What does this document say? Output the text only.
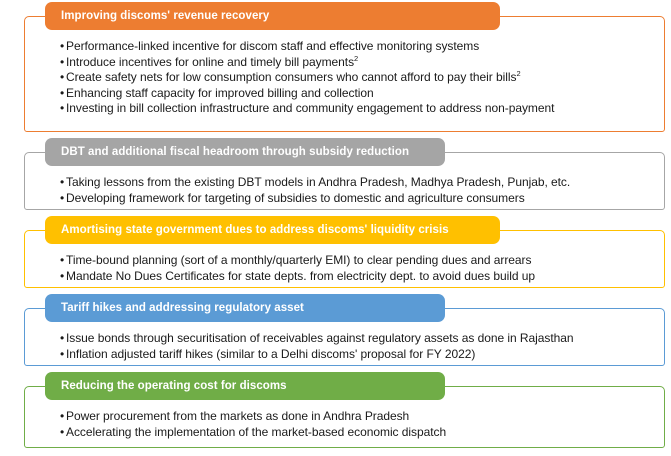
Improving discoms' revenue recovery
• Performance-linked incentive for discom staff and effective monitoring systems
• Introduce incentives for online and timely bill payments$^2$
• Create safety nets for low consumption consumers who cannot afford to pay their bills$^2$
• Enhancing staff capacity for improved billing and collection
• Investing in bill collection infrastructure and community engagement to address non-payment
DBT and additional fiscal headroom through subsidy reduction
• Taking lessons from the existing DBT models in Andhra Pradesh, Madhya Pradesh, Punjab, etc.
• Developing framework for targeting of subsidies to domestic and agriculture consumers
Amortising state government dues to address discoms' liquidity crisis
• Time-bound planning (sort of a monthly/quarterly EMI) to clear pending dues and arrears
• Mandate No Dues Certificates for state depts. from electricity dept. to avoid dues build up
Tariff hikes and addressing regulatory asset
• Issue bonds through securitisation of receivables against regulatory assets as done in Rajasthan
• Inflation adjusted tariff hikes (similar to a Delhi discoms' proposal for FY 2022)
Reducing the operating cost for discoms
• Power procurement from the markets as done in Andhra Pradesh
• Accelerating the implementation of the market-based economic dispatch
